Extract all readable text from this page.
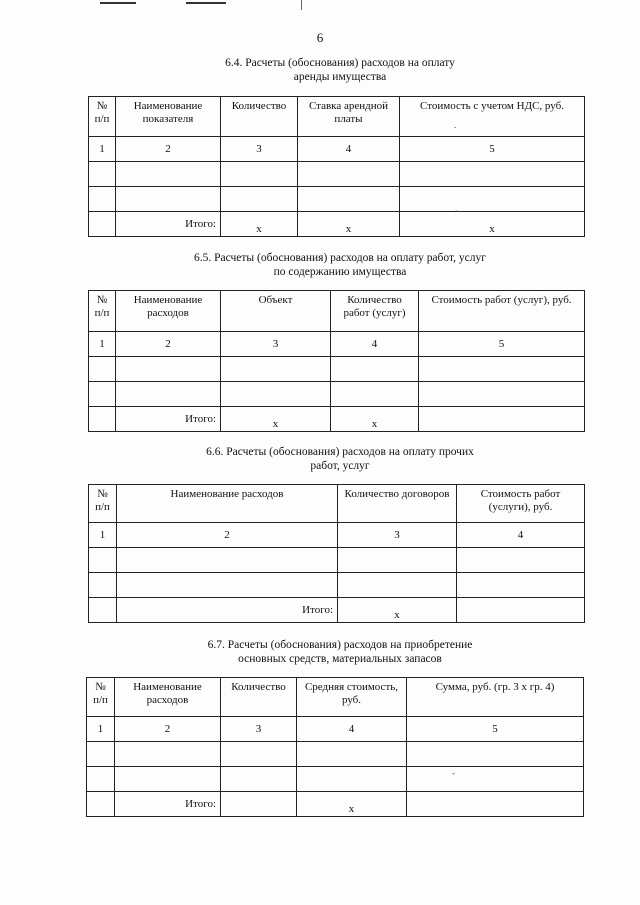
6
6.4. Расчеты (обоснования) расходов на оплату
аренды имущества
№ п/п	Наименование показателя	Количество	Ставка арендной платы	Стоимость с учетом НДС, руб.
1	2	3	4	5

	Итого:	x	x	x
6.5. Расчеты (обоснования) расходов на оплату работ, услуг
по содержанию имущества
№ п/п	Наименование расходов	Объект	Количество работ (услуг)	Стоимость работ (услуг), руб.
1	2	3	4	5

	Итого:	x	x	
6.6. Расчеты (обоснования) расходов на оплату прочих
работ, услуг
№ п/п	Наименование расходов	Количество договоров	Стоимость работ (услуги), руб.
1	2	3	4

	Итого:	x	
6.7. Расчеты (обоснования) расходов на приобретение
основных средств, материальных запасов
№ п/п	Наименование расходов	Количество	Средняя стоимость, руб.	Сумма, руб. (гр. 3 х гр. 4)
1	2	3	4	5

	Итого:		x	
.
`
-
